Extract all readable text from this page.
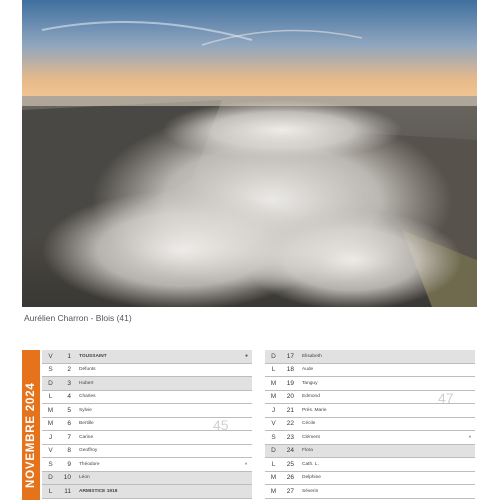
Aurélien Charron - Blois (41)
NOVEMBRE 2024
V	1	TOUSSAINT	●
S	2	Défunts
D	3	Hubert
L	4	Charles
M	5	Sylvie
M	6	Bertille
J	7	Carine
V	8	Geoffroy
S	9	Théodore	◐
D	10	Léon
L	11	ARMISTICE 1918
D	17	Elisabeth
L	18	Aude
M	19	Tanguy
M	20	Edmond
J	21	Prés. Marie
V	22	Cécile
S	23	Clément	◑
D	24	Flora
L	25	Cath. L.
M	26	Delphine
M	27	Séverin
45
47
